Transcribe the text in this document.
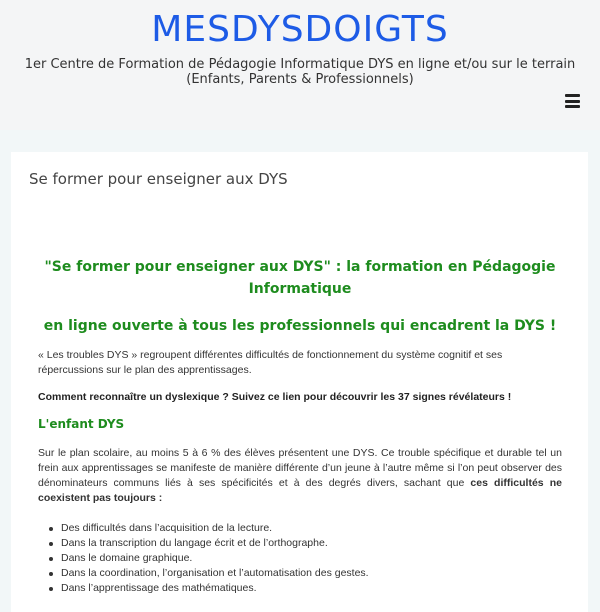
MESDYSDOIGTS
1er Centre de Formation de Pédagogie Informatique DYS en ligne et/ou sur le terrain (Enfants, Parents & Professionnels)
Se former pour enseigner aux DYS
"Se former pour enseigner aux DYS" : la formation en Pédagogie Informatique
en ligne ouverte à tous les professionnels qui encadrent la DYS !
« Les troubles DYS » regroupent différentes difficultés de fonctionnement du système cognitif et ses répercussions sur le plan des apprentissages.
Comment reconnaître un dyslexique ? Suivez ce lien pour découvrir les 37 signes révélateurs !
L'enfant DYS
Sur le plan scolaire, au moins 5 à 6 % des élèves présentent une DYS. Ce trouble spécifique et durable tel un frein aux apprentissages se manifeste de manière différente d’un jeune à l’autre même si l’on peut observer des dénominateurs communs liés à ses spécificités et à des degrés divers, sachant que ces difficultés ne coexistent pas toujours :
Des difficultés dans l’acquisition de la lecture.
Dans la transcription du langage écrit et de l’orthographe.
Dans le domaine graphique.
Dans la coordination, l’organisation et l’automatisation des gestes.
Dans l’apprentissage des mathématiques.
